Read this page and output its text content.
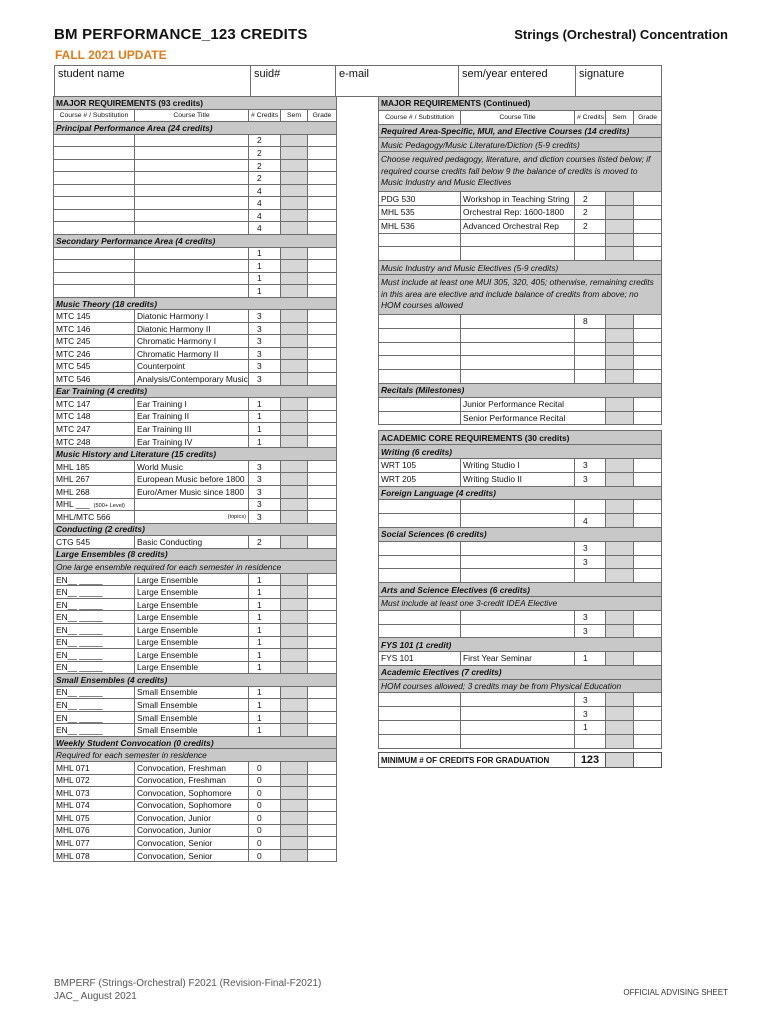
BM PERFORMANCE_123 CREDITS	Strings (Orchestral) Concentration
FALL 2021 UPDATE
student name	suid#	e-mail	sem/year entered	signature
MAJOR REQUIREMENTS (93 credits)				
Course # / Substitution	Course Title	# Credits	Sem	Grade
Principal Performance Area (24 credits)				
		2		
		2		
		2		
		2		
		4		
		4		
		4		
		4		
Secondary Performance Area (4 credits)				
		1		
		1		
		1		
		1		
Music Theory (18 credits)				
MTC 145	Diatonic Harmony I	3		
MTC 146	Diatonic Harmony II	3		
MTC 245	Chromatic Harmony I	3		
MTC 246	Chromatic Harmony II	3		
MTC 545	Counterpoint	3		
MTC 546	Analysis/Contemporary Music	3		
Ear Training (4 credits)				
MTC 147	Ear Training I	1		
MTC 148	Ear Training II	1		
MTC 247	Ear Training III	1		
MTC 248	Ear Training IV	1		
Music History and Literature (15 credits)				
MHL 185	World Music	3		
MHL 267	European Music before 1800	3		
MHL 268	Euro/Amer Music since 1800	3		
MHL ___ (500+ Level)		3		
MHL/MTC 566	(topics)	3		
Conducting (2 credits)				
CTG 545	Basic Conducting	2		
Large Ensembles (8 credits)				
One large ensemble required for each semester in residence				
EN__ _____	Large Ensemble	1		
EN__ _____	Large Ensemble	1		
EN__ _____	Large Ensemble	1		
EN__ _____	Large Ensemble	1		
EN__ _____	Large Ensemble	1		
EN__ _____	Large Ensemble	1		
EN__ _____	Large Ensemble	1		
EN__ _____	Large Ensemble	1		
Small Ensembles (4 credits)				
EN__ _____	Small Ensemble	1		
EN__ _____	Small Ensemble	1		
EN__ _____	Small Ensemble	1		
EN__ _____	Small Ensemble	1		
Weekly Student Convocation (0 credits)				
Required for each semester in residence				
MHL 071	Convocation, Freshman	0		
MHL 072	Convocation, Freshman	0		
MHL 073	Convocation, Sophomore	0		
MHL 074	Convocation, Sophomore	0		
MHL 075	Convocation, Junior	0		
MHL 076	Convocation, Junior	0		
MHL 077	Convocation, Senior	0		
MHL 078	Convocation, Senior	0		
MAJOR REQUIREMENTS (Continued)				
Course # / Substitution	Course Title	# Credits	Sem	Grade
Required Area-Specific, MUI, and Elective Courses (14 credits)				
Music Pedagogy/Music Literature/Diction (5-9 credits)				
Choose required pedagogy, literature, and diction courses listed below; if required course credits fall below 9 the balance of credits is moved to Music Industry and Music Electives				
PDG 530	Workshop in Teaching String	2		
MHL 535	Orchestral Rep: 1600-1800	2		
MHL 536	Advanced Orchestral Rep	2		

Music Industry and Music Electives (5-9 credits)				
Must include at least one MUI 305, 320, 405; otherwise, remaining credits in this area are elective and include balance of credits from above; no HOM courses allowed				
		8		

Recitals (Milestones)				
	Junior Performance Recital			
	Senior Performance Recital			

ACADEMIC CORE REQUIREMENTS (30 credits)				
Writing (6 credits)				
WRT 105	Writing Studio I	3		
WRT 205	Writing Studio II	3		
Foreign Language (4 credits)				

		4		
Social Sciences (6 credits)				
		3		
		3		

Arts and Science Electives (6 credits)				
Must include at least one 3-credit IDEA Elective				
		3		
		3		
FYS 101 (1 credit)				
FYS 101	First Year Seminar	1		
Academic Electives (7 credits)				
HOM courses allowed; 3 credits may be from Physical Education				
		3		
		3		
		1		

MINIMUM # OF CREDITS FOR GRADUATION	123		
BMPERF (Strings-Orchestral) F2021 (Revision-Final-F2021)
JAC_ August 2021	OFFICIAL ADVISING SHEET
